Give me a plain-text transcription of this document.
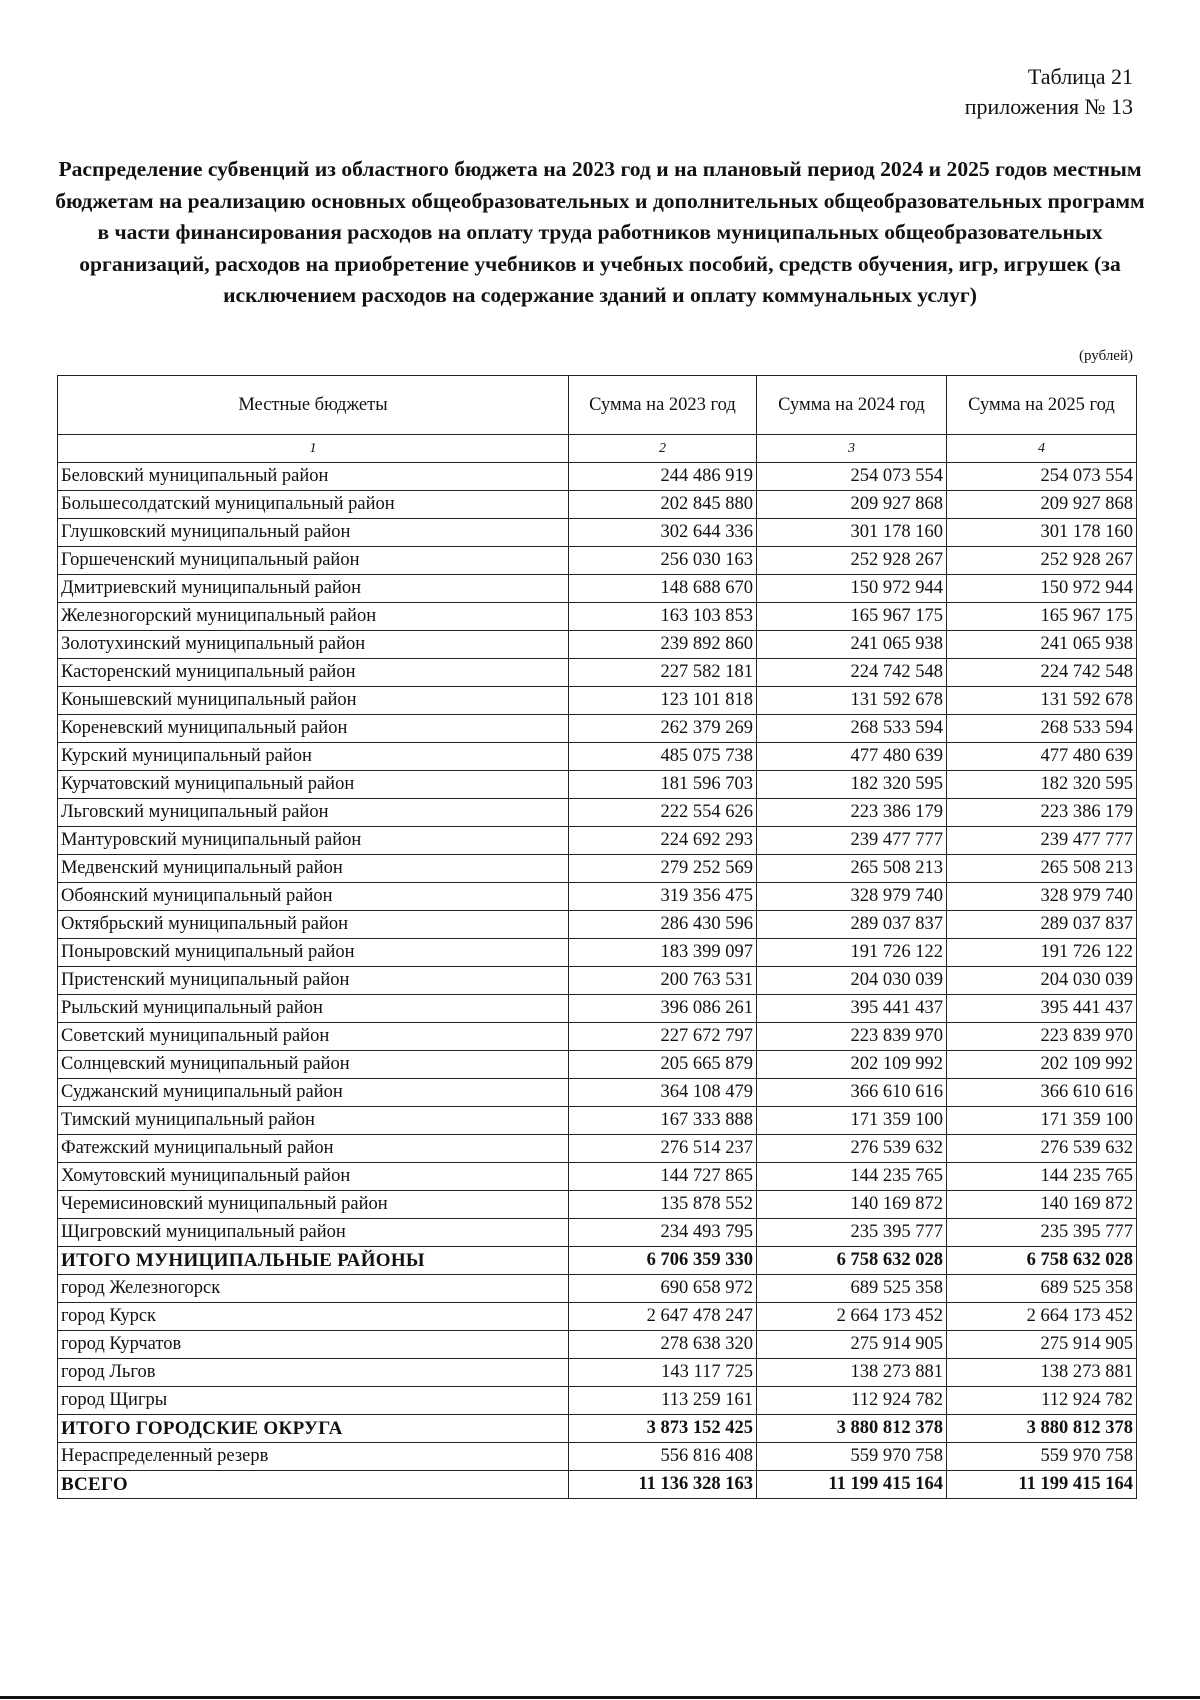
Таблица 21
приложения № 13
Распределение субвенций из областного бюджета на 2023 год и на плановый период 2024 и 2025 годов местным бюджетам на реализацию основных общеобразовательных и дополнительных общеобразовательных программ в части финансирования расходов на оплату труда работников муниципальных общеобразовательных организаций, расходов на приобретение учебников и учебных пособий, средств обучения, игр, игрушек (за исключением расходов на содержание зданий и оплату коммунальных услуг)
(рублей)
Местные бюджеты	Сумма на 2023 год	Сумма на 2024 год	Сумма на 2025 год
1	2	3	4
Беловский муниципальный район	244 486 919	254 073 554	254 073 554
Большесолдатский муниципальный район	202 845 880	209 927 868	209 927 868
Глушковский муниципальный район	302 644 336	301 178 160	301 178 160
Горшеченский муниципальный район	256 030 163	252 928 267	252 928 267
Дмитриевский муниципальный район	148 688 670	150 972 944	150 972 944
Железногорский муниципальный район	163 103 853	165 967 175	165 967 175
Золотухинский муниципальный район	239 892 860	241 065 938	241 065 938
Касторенский муниципальный район	227 582 181	224 742 548	224 742 548
Конышевский муниципальный район	123 101 818	131 592 678	131 592 678
Кореневский муниципальный район	262 379 269	268 533 594	268 533 594
Курский муниципальный район	485 075 738	477 480 639	477 480 639
Курчатовский муниципальный район	181 596 703	182 320 595	182 320 595
Льговский муниципальный район	222 554 626	223 386 179	223 386 179
Мантуровский муниципальный район	224 692 293	239 477 777	239 477 777
Медвенский муниципальный район	279 252 569	265 508 213	265 508 213
Обоянский муниципальный район	319 356 475	328 979 740	328 979 740
Октябрьский муниципальный район	286 430 596	289 037 837	289 037 837
Поныровский муниципальный район	183 399 097	191 726 122	191 726 122
Пристенский муниципальный район	200 763 531	204 030 039	204 030 039
Рыльский муниципальный район	396 086 261	395 441 437	395 441 437
Советский муниципальный район	227 672 797	223 839 970	223 839 970
Солнцевский муниципальный район	205 665 879	202 109 992	202 109 992
Суджанский муниципальный район	364 108 479	366 610 616	366 610 616
Тимский муниципальный район	167 333 888	171 359 100	171 359 100
Фатежский муниципальный район	276 514 237	276 539 632	276 539 632
Хомутовский муниципальный район	144 727 865	144 235 765	144 235 765
Черемисиновский муниципальный район	135 878 552	140 169 872	140 169 872
Щигровский муниципальный район	234 493 795	235 395 777	235 395 777
ИТОГО МУНИЦИПАЛЬНЫЕ РАЙОНЫ	6 706 359 330	6 758 632 028	6 758 632 028
город Железногорск	690 658 972	689 525 358	689 525 358
город Курск	2 647 478 247	2 664 173 452	2 664 173 452
город Курчатов	278 638 320	275 914 905	275 914 905
город Льгов	143 117 725	138 273 881	138 273 881
город Щигры	113 259 161	112 924 782	112 924 782
ИТОГО ГОРОДСКИЕ ОКРУГА	3 873 152 425	3 880 812 378	3 880 812 378
Нераспределенный резерв	556 816 408	559 970 758	559 970 758
ВСЕГО	11 136 328 163	11 199 415 164	11 199 415 164
